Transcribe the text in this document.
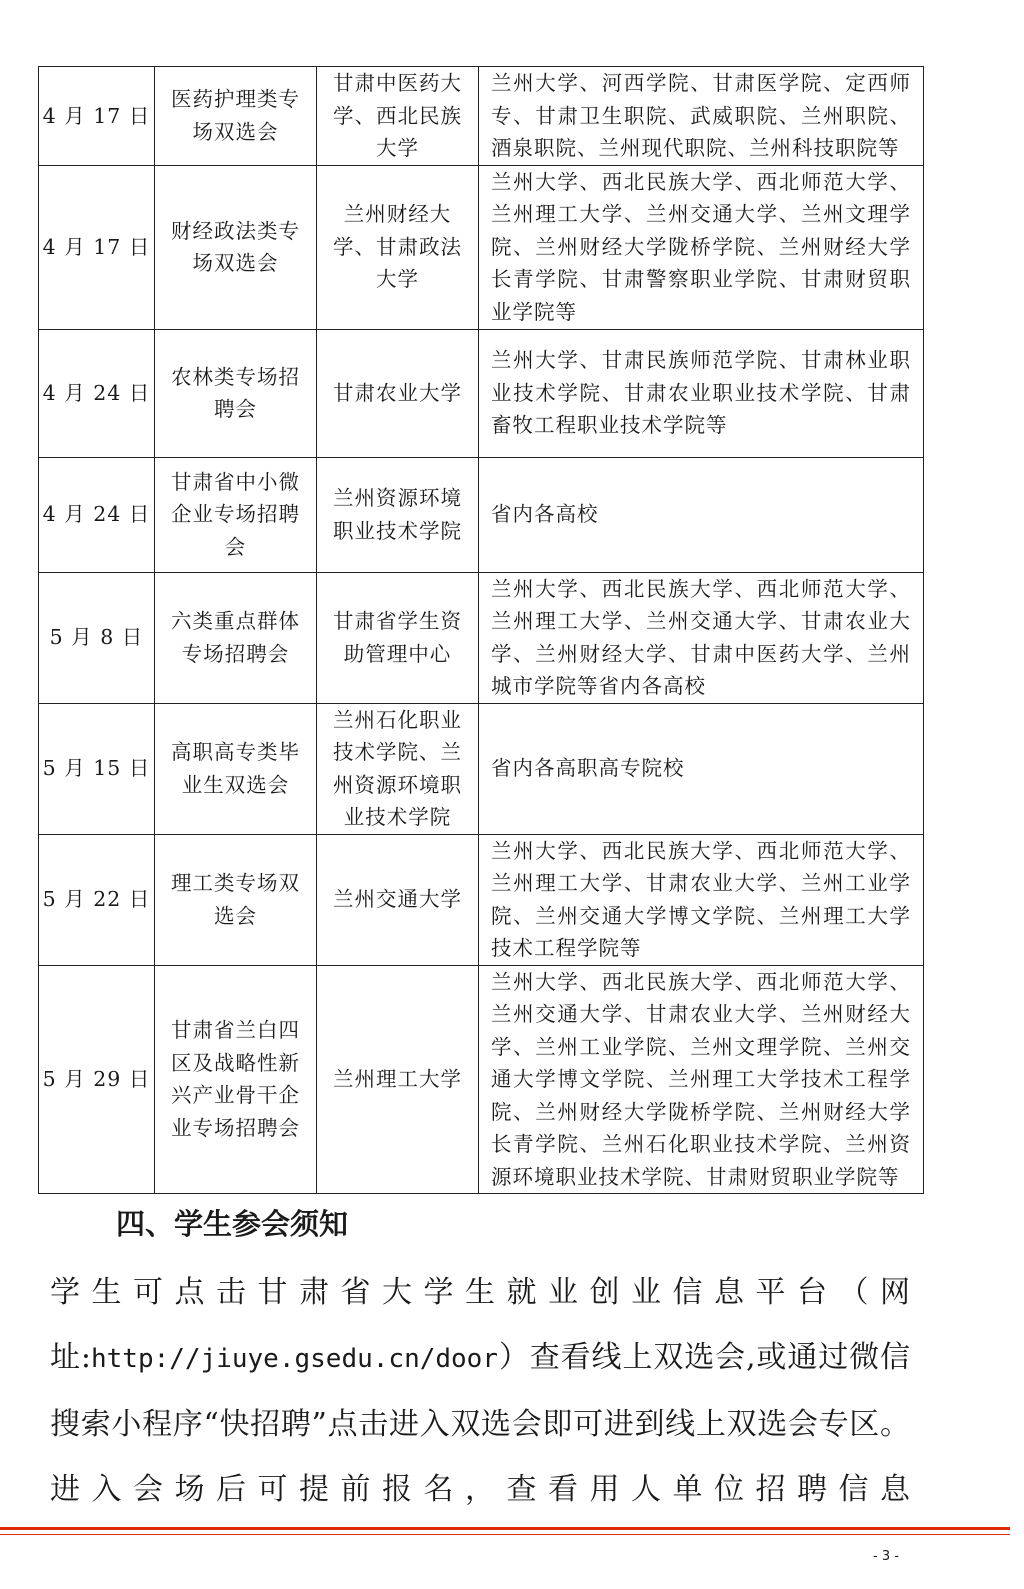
4 月 17 日	医药护理类专场双选会	甘肃中医药大学、西北民族大学	兰州大学、河西学院、甘肃医学院、定西师专、甘肃卫生职院、武威职院、兰州职院、酒泉职院、兰州现代职院、兰州科技职院等
4 月 17 日	财经政法类专场双选会	兰州财经大学、甘肃政法大学	兰州大学、西北民族大学、西北师范大学、兰州理工大学、兰州交通大学、兰州文理学院、兰州财经大学陇桥学院、兰州财经大学长青学院、甘肃警察职业学院、甘肃财贸职业学院等
4 月 24 日	农林类专场招聘会	甘肃农业大学	兰州大学、甘肃民族师范学院、甘肃林业职业技术学院、甘肃农业职业技术学院、甘肃畜牧工程职业技术学院等
4 月 24 日	甘肃省中小微企业专场招聘会	兰州资源环境职业技术学院	省内各高校
5 月 8 日	六类重点群体专场招聘会	甘肃省学生资助管理中心	兰州大学、西北民族大学、西北师范大学、兰州理工大学、兰州交通大学、甘肃农业大学、兰州财经大学、甘肃中医药大学、兰州城市学院等省内各高校
5 月 15 日	高职高专类毕业生双选会	兰州石化职业技术学院、兰州资源环境职业技术学院	省内各高职高专院校
5 月 22 日	理工类专场双选会	兰州交通大学	兰州大学、西北民族大学、西北师范大学、兰州理工大学、甘肃农业大学、兰州工业学院、兰州交通大学博文学院、兰州理工大学技术工程学院等
5 月 29 日	甘肃省兰白四区及战略性新兴产业骨干企业专场招聘会	兰州理工大学	兰州大学、西北民族大学、西北师范大学、兰州交通大学、甘肃农业大学、兰州财经大学、兰州工业学院、兰州文理学院、兰州交通大学博文学院、兰州理工大学技术工程学院、兰州财经大学陇桥学院、兰州财经大学长青学院、兰州石化职业技术学院、兰州资源环境职业技术学院、甘肃财贸职业学院等
四、学生参会须知

学生可点击甘肃省大学生就业创业信息平台（网址:http://jiuye.gsedu.cn/door）查看线上双选会,或通过微信搜索小程序“快招聘”点击进入双选会即可进到线上双选会专区。进入会场后可提前报名，查看用人单位招聘信息

- 3 -
